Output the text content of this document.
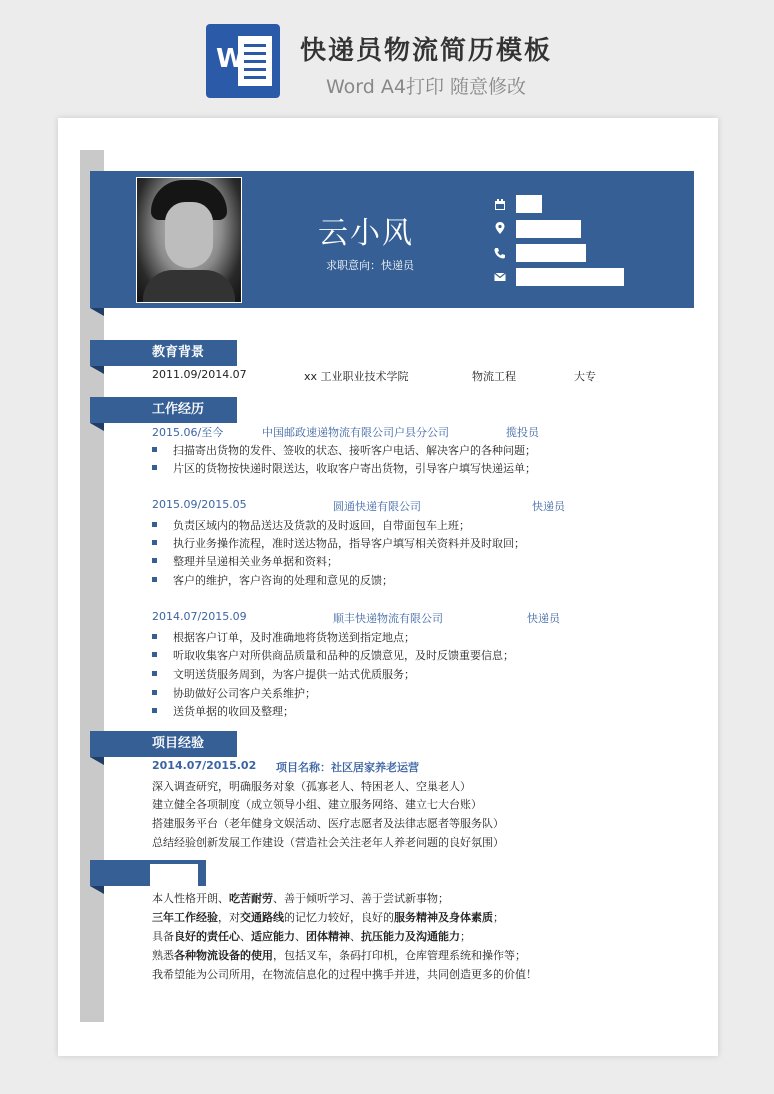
W 快递员物流简历模板
Word A4打印 随意修改
云小风
求职意向：快递员
教育背景
2011.09/2014.07	xx 工业职业技术学院	物流工程	大专
工作经历
2015.06/至今	中国邮政速递物流有限公司户县分公司	揽投员
扫描寄出货物的发件、签收的状态、接听客户电话、解决客户的各种问题；
片区的货物按快递时限送达，收取客户寄出货物，引导客户填写快递运单；
2015.09/2015.05	圆通快递有限公司	快递员
负责区域内的物品送达及货款的及时返回，自带面包车上班；
执行业务操作流程，准时送达物品，指导客户填写相关资料并及时取回；
整理并呈递相关业务单据和资料；
客户的维护，客户咨询的处理和意见的反馈；
2014.07/2015.09	顺丰快递物流有限公司	快递员
根据客户订单，及时准确地将货物送到指定地点；
听取收集客户对所供商品质量和品种的反馈意见，及时反馈重要信息；
文明送货服务周到，为客户提供一站式优质服务；
协助做好公司客户关系维护；
送货单据的收回及整理；
项目经验
2014.07/2015.02 项目名称：社区居家养老运营
深入调查研究，明确服务对象（孤寡老人、特困老人、空巢老人）
建立健全各项制度（成立领导小组、建立服务网络、建立七大台账）
搭建服务平台（老年健身文娱活动、医疗志愿者及法律志愿者等服务队）
总结经验创新发展工作建设（营造社会关注老年人养老问题的良好氛围）
本人性格开朗、吃苦耐劳、善于倾听学习、善于尝试新事物；
三年工作经验，对交通路线的记忆力较好，良好的服务精神及身体素质；
具备良好的责任心、适应能力、团体精神、抗压能力及沟通能力；
熟悉各种物流设备的使用，包括叉车，条码打印机，仓库管理系统和操作等；
我希望能为公司所用，在物流信息化的过程中携手并进，共同创造更多的价值！
